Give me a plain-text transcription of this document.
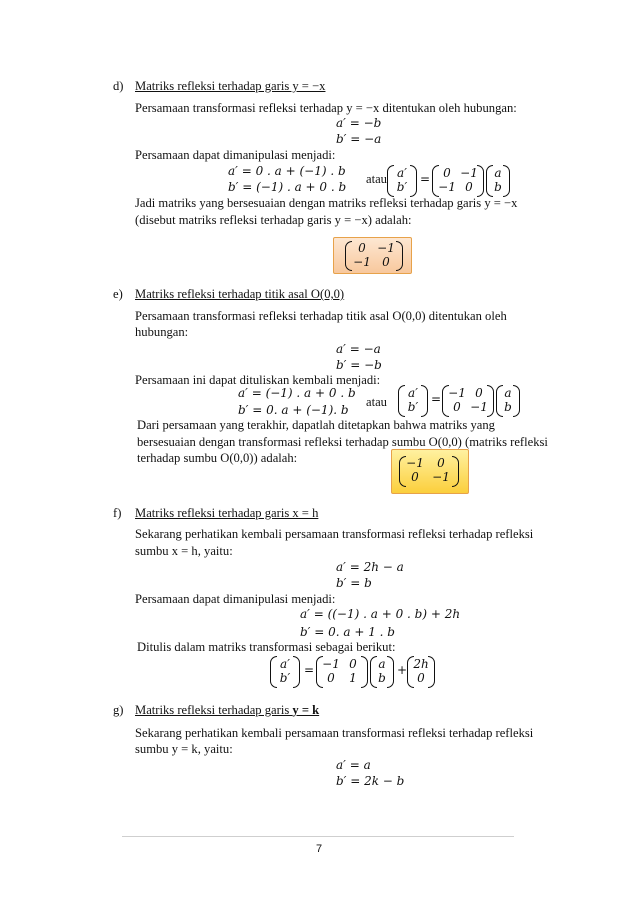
d) Matriks refleksi terhadap garis y = −x
Persamaan transformasi refleksi terhadap y = −x ditentukan oleh hubungan:
a′ = −b
b′ = −a
Persamaan dapat dimanipulasi menjadi:
a′ = 0 . a + (−1) . b
b′ = (−1) . a + 0 . b
atau a′
b′
=	0 −1
−1 0
a
b
Jadi matriks yang bersesuaian dengan matriks refleksi terhadap garis y = −x
(disebut matriks refleksi terhadap garis y = −x) adalah:
0 −1
−1 0
e) Matriks refleksi terhadap titik asal O(0,0)
Persamaan transformasi refleksi terhadap titik asal O(0,0) ditentukan oleh
hubungan:
a′ = −a
b′ = −b
Persamaan ini dapat dituliskan kembali menjadi:
a′ = (−1) . a + 0 . b
b′ = 0. a + (−1). b
atau
a′
b′
= −1 0
0 −1
a
b
Dari persamaan yang terakhir, dapatlah ditetapkan bahwa matriks yang
bersesuaian dengan transformasi refleksi terhadap sumbu O(0,0) (matriks refleksi
terhadap sumbu O(0,0)) adalah:	−1	0
0	−1
f) Matriks refleksi terhadap garis x = h
Sekarang perhatikan kembali persamaan transformasi refleksi terhadap refleksi
sumbu x = h, yaitu:
a′ = 2h − a
b′ = b
Persamaan dapat dimanipulasi menjadi:
a′ = ((−1) . a + 0 . b) + 2h
b′ = 0. a + 1 . b
Ditulis dalam matriks transformasi sebagai berikut:
a′
b′
= −1 0
0	1
a
b
+ 2h
0
g) Matriks refleksi terhadap garis y = k
Sekarang perhatikan kembali persamaan transformasi refleksi terhadap refleksi
sumbu y = k, yaitu:
a′ = a
b′ = 2k − b
7
